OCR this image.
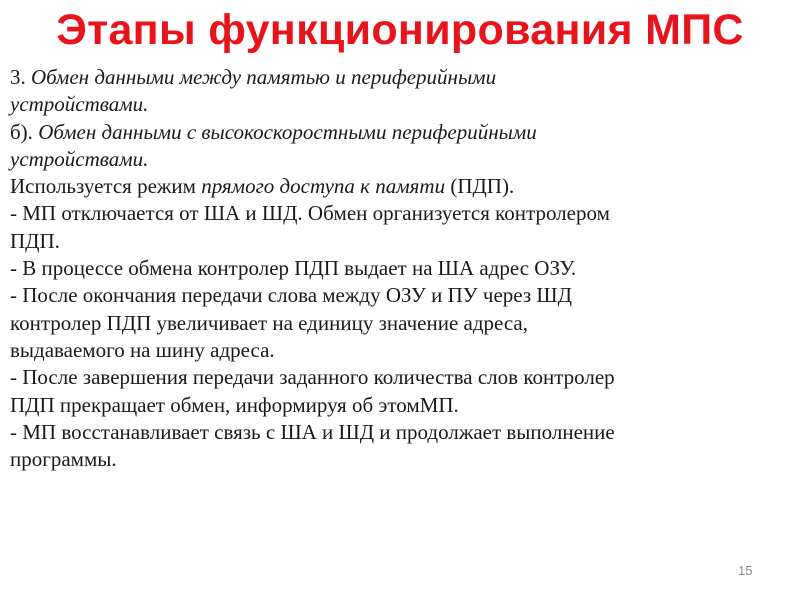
Этапы функционирования МПС
3. Обмен данными между памятью и периферийными
устройствами.
б). Обмен данными с высокоскоростными периферийными
устройствами.
Используется режим прямого доступа к памяти (ПДП).
- МП отключается от ША и ШД. Обмен организуется контролером
ПДП.
- В процессе обмена контролер ПДП выдает на ША адрес ОЗУ.
- После окончания передачи слова между ОЗУ и ПУ через ШД
контролер ПДП увеличивает на единицу значение адреса,
выдаваемого на шину адреса.
- После завершения передачи заданного количества слов контролер
ПДП прекращает обмен, информируя об этомМП.
- МП восстанавливает связь с ША и ШД и продолжает выполнение
программы.
15
